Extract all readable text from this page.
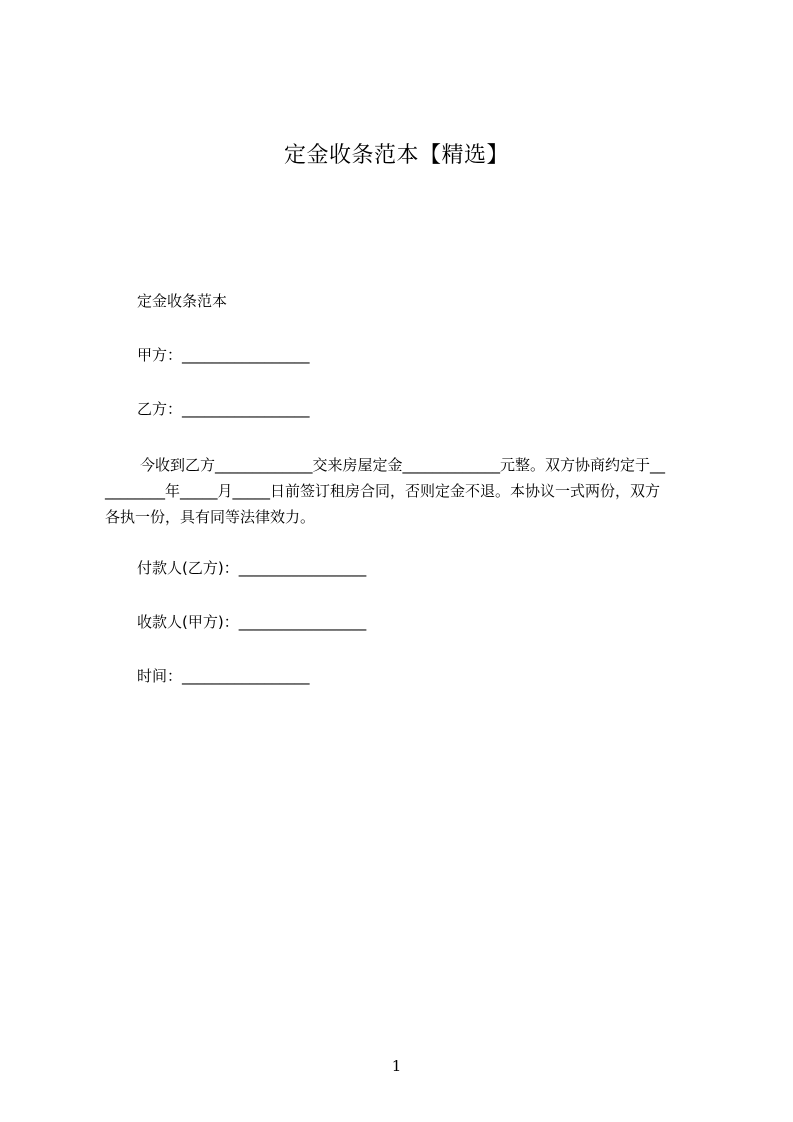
定金收条范本【精选】
定金收条范本
甲方：_________________
乙方：_________________
今收到乙方_____________交来房屋定金_____________元整。双方协商约定于__
________年_____月_____日前签订租房合同，否则定金不退。本协议一式两份，双方
各执一份，具有同等法律效力。
付款人(乙方)：_________________
收款人(甲方)：_________________
时间：_________________
1
